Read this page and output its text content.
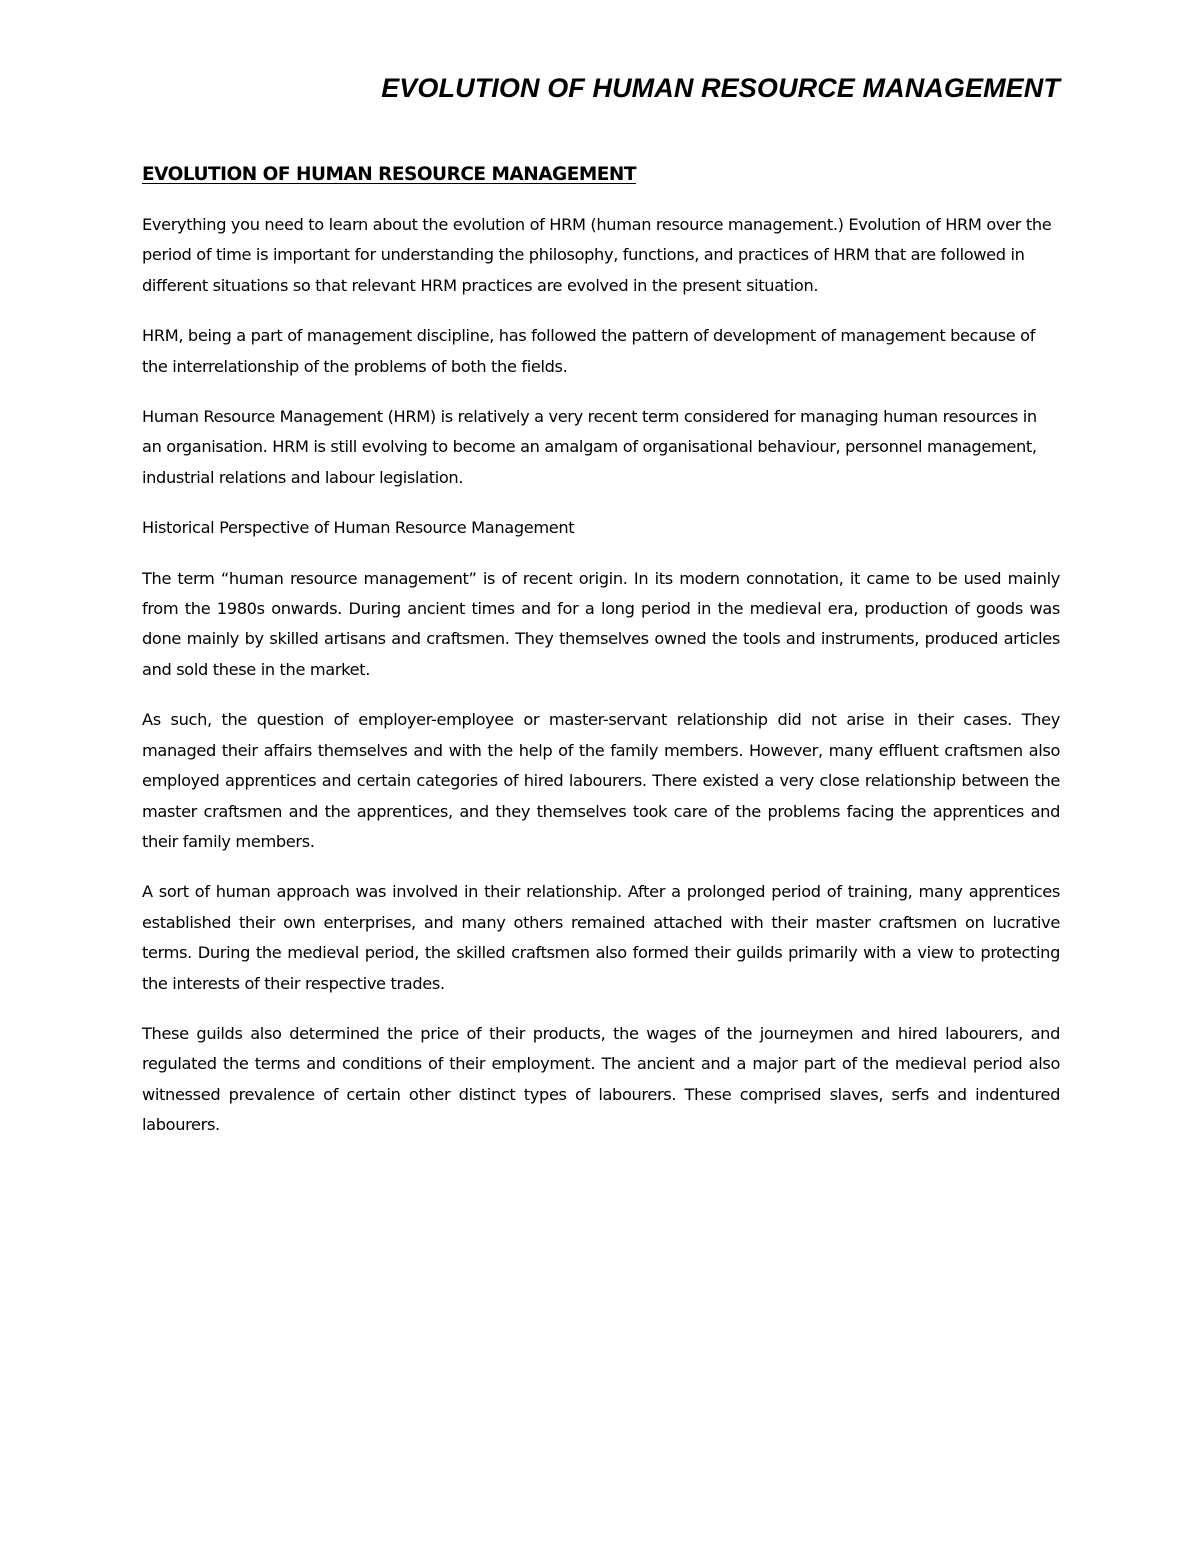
EVOLUTION OF HUMAN RESOURCE MANAGEMENT
EVOLUTION OF HUMAN RESOURCE MANAGEMENT

Everything you need to learn about the evolution of HRM (human resource management.) Evolution of HRM over the period of time is important for understanding the philosophy, functions, and practices of HRM that are followed in different situations so that relevant HRM practices are evolved in the present situation.

HRM, being a part of management discipline, has followed the pattern of development of management because of the interrelationship of the problems of both the fields.

Human Resource Management (HRM) is relatively a very recent term considered for managing human resources in an organisation. HRM is still evolving to become an amalgam of organisational behaviour, personnel management, industrial relations and labour legislation.

Historical Perspective of Human Resource Management

The term “human resource management” is of recent origin. In its modern connotation, it came to be used mainly from the 1980s onwards. During ancient times and for a long period in the medieval era, production of goods was done mainly by skilled artisans and craftsmen. They themselves owned the tools and instruments, produced articles and sold these in the market.

As such, the question of employer-employee or master-servant relationship did not arise in their cases. They managed their affairs themselves and with the help of the family members. However, many effluent craftsmen also employed apprentices and certain categories of hired labourers. There existed a very close relationship between the master craftsmen and the apprentices, and they themselves took care of the problems facing the apprentices and their family members.

A sort of human approach was involved in their relationship. After a prolonged period of training, many apprentices established their own enterprises, and many others remained attached with their master craftsmen on lucrative terms. During the medieval period, the skilled craftsmen also formed their guilds primarily with a view to protecting the interests of their respective trades.

These guilds also determined the price of their products, the wages of the journeymen and hired labourers, and regulated the terms and conditions of their employment. The ancient and a major part of the medieval period also witnessed prevalence of certain other distinct types of labourers. These comprised slaves, serfs and indentured labourers.
